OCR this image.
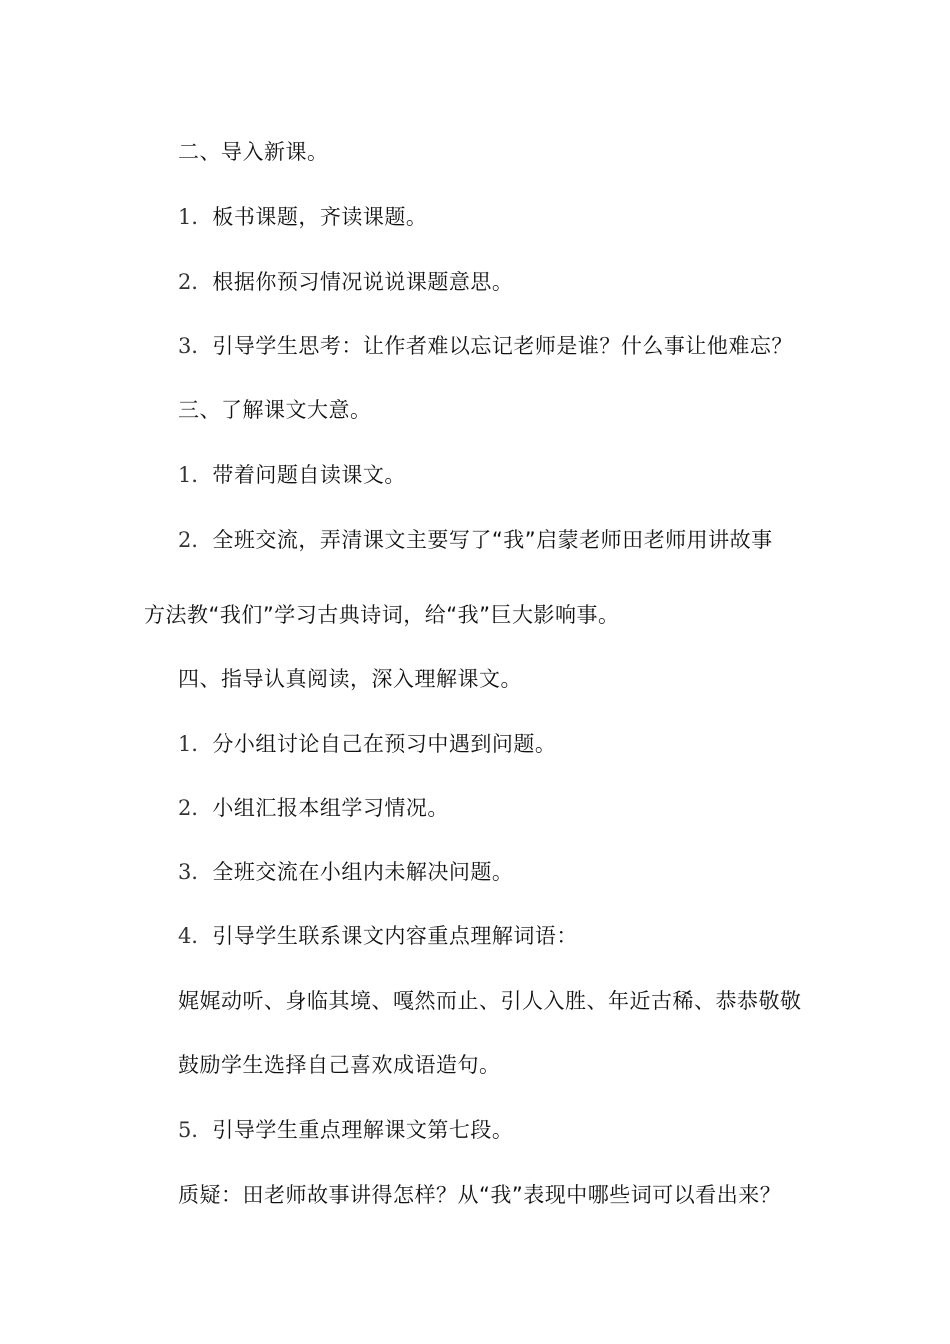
二、导入新课。
1．板书课题，齐读课题。
2．根据你预习情况说说课题意思。
3．引导学生思考：让作者难以忘记老师是谁？什么事让他难忘？
三、了解课文大意。
1．带着问题自读课文。
2．全班交流，弄清课文主要写了“我”启蒙老师田老师用讲故事
方法教“我们”学习古典诗词，给“我”巨大影响事。
四、指导认真阅读，深入理解课文。
1．分小组讨论自己在预习中遇到问题。
2．小组汇报本组学习情况。
3．全班交流在小组内未解决问题。
4．引导学生联系课文内容重点理解词语：
娓娓动听、身临其境、嘎然而止、引人入胜、年近古稀、恭恭敬敬
鼓励学生选择自己喜欢成语造句。
5．引导学生重点理解课文第七段。
质疑：田老师故事讲得怎样？从“我”表现中哪些词可以看出来？
